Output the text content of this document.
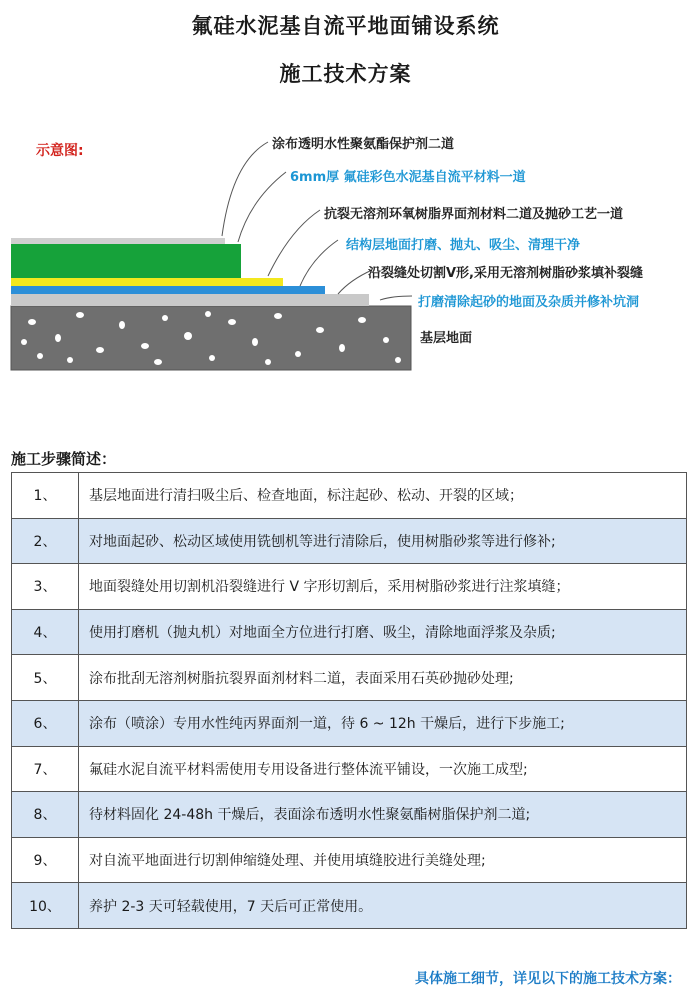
氟硅水泥基自流平地面铺设系统
施工技术方案
示意图:	涂布透明水性聚氨酯保护剂二道
6mm厚 氟硅彩色水泥基自流平材料一道
抗裂无溶剂环氧树脂界面剂材料二道及抛砂工艺一道
结构层地面打磨、抛丸、吸尘、清理干净
沿裂缝处切割V形,采用无溶剂树脂砂浆填补裂缝
打磨清除起砂的地面及杂质并修补坑洞
基层地面
施工步骤简述：
1、	基层地面进行清扫吸尘后、检查地面，标注起砂、松动、开裂的区域；
2、	对地面起砂、松动区域使用铣刨机等进行清除后，使用树脂砂浆等进行修补;
3、	地面裂缝处用切割机沿裂缝进行 V 字形切割后，采用树脂砂浆进行注浆填缝；
4、	使用打磨机（抛丸机）对地面全方位进行打磨、吸尘，清除地面浮浆及杂质;
5、	涂布批刮无溶剂树脂抗裂界面剂材料二道，表面采用石英砂抛砂处理;
6、	涂布（喷涂）专用水性纯丙界面剂一道，待 6 ~ 12h 干燥后，进行下步施工;
7、	氟硅水泥自流平材料需使用专用设备进行整体流平铺设，一次施工成型;
8、	待材料固化 24-48h 干燥后，表面涂布透明水性聚氨酯树脂保护剂二道;
9、	对自流平地面进行切割伸缩缝处理、并使用填缝胶进行美缝处理;
10、	养护 2-3 天可轻载使用，7 天后可正常使用。
具体施工细节，详见以下的施工技术方案：
